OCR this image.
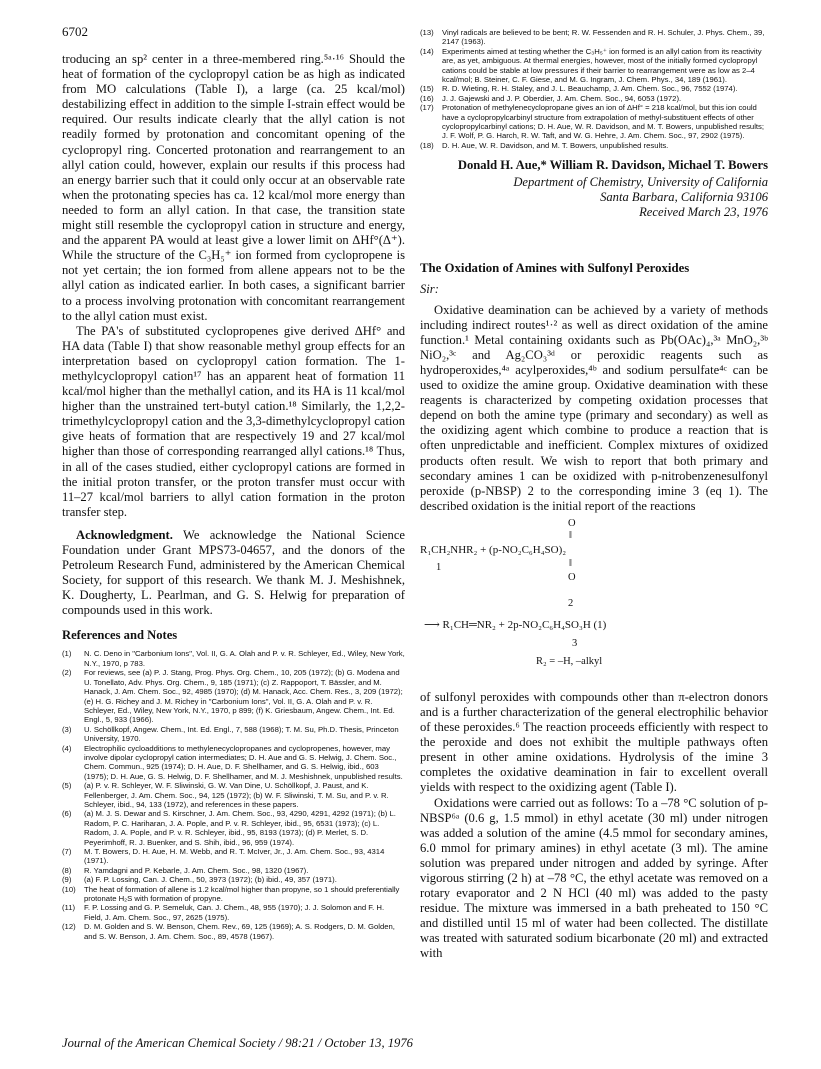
6702

troducing an sp² center in a three-membered ring.⁵ᵃ·¹⁶ Should the heat of formation of the cyclopropyl cation be as high as indicated from MO calculations (Table I), a large (ca. 25 kcal/mol) destabilizing effect in addition to the simple I-strain effect would be required. Our results indicate clearly that the allyl cation is not readily formed by protonation and concomitant opening of the cyclopropyl ring. Concerted protonation and rearrangement to an allyl cation could, however, explain our results if this process had an energy barrier such that it could only occur at an observable rate when the protonating species has ca. 12 kcal/mol more energy than needed to form an allyl cation. In that case, the transition state might still resemble the cyclopropyl cation in structure and energy, and the apparent PA would at least give a lower limit on ΔHf°(Δ⁺). While the structure of the C₃H₅⁺ ion formed from cyclopropene is not yet certain; the ion formed from allene appears not to be the allyl cation as indicated earlier. In both cases, a significant barrier to a process involving protonation with concomitant rearrangement to the allyl cation must exist.

The PA's of substituted cyclopropenes give derived ΔHf° and HA data (Table I) that show reasonable methyl group effects for an interpretation based on cyclopropyl cation formation. The 1-methylcyclopropyl cation¹⁷ has an apparent heat of formation 11 kcal/mol higher than the methallyl cation, and its HA is 11 kcal/mol higher than the unstrained tert-butyl cation.¹⁸ Similarly, the 1,2,2-trimethylcyclopropyl cation and the 3,3-dimethylcyclopropyl cation give heats of formation that are respectively 19 and 27 kcal/mol higher than those of corresponding rearranged allyl cations.¹⁸ Thus, in all of the cases studied, either cyclopropyl cations are formed in the initial proton transfer, or the proton transfer must occur with 11–27 kcal/mol barriers to allyl cation formation in the proton transfer step.

Acknowledgment. We acknowledge the National Science Foundation under Grant MPS73-04657, and the donors of the Petroleum Research Fund, administered by the American Chemical Society, for support of this research. We thank M. J. Meshishnek, K. Dougherty, L. Pearlman, and G. S. Helwig for preparation of compounds used in this work.

References and Notes
(1)	N. C. Deno in "Carbonium Ions", Vol. II, G. A. Olah and P. v. R. Schleyer, Ed., Wiley, New York, N.Y., 1970, p 783.
(2)	For reviews, see (a) P. J. Stang, Prog. Phys. Org. Chem., 10, 205 (1972); (b) G. Modena and U. Tonellato, Adv. Phys. Org. Chem., 9, 185 (1971); (c) Z. Rappoport, T. Bässler, and M. Hanack, J. Am. Chem. Soc., 92, 4985 (1970); (d) M. Hanack, Acc. Chem. Res., 3, 209 (1972); (e) H. G. Richey and J. M. Richey in "Carbonium Ions", Vol. II, G. A. Olah and P. v. R. Schleyer, Ed., Wiley, New York, N.Y., 1970, p 899; (f) K. Griesbaum, Angew. Chem., Int. Ed. Engl., 5, 933 (1966).
(3)	U. Schöllkopf, Angew. Chem., Int. Ed. Engl., 7, 588 (1968); T. M. Su, Ph.D. Thesis, Princeton University, 1970.
(4)	Electrophilic cycloadditions to methylenecyclopropanes and cyclopropenes, however, may involve dipolar cyclopropyl cation intermediates; D. H. Aue and G. S. Helwig, J. Chem. Soc., Chem. Commun., 925 (1974); D. H. Aue, D. F. Shellhamer, and G. S. Helwig, ibid., 603 (1975); D. H. Aue, G. S. Helwig, D. F. Shellhamer, and M. J. Meshishnek, unpublished results.
(5)	(a) P. v. R. Schleyer, W. F. Sliwinski, G. W. Van Dine, U. Schöllkopf, J. Paust, and K. Fellenberger, J. Am. Chem. Soc., 94, 125 (1972); (b) W. F. Sliwinski, T. M. Su, and P. v. R. Schleyer, ibid., 94, 133 (1972), and references in these papers.
(6)	(a) M. J. S. Dewar and S. Kirschner, J. Am. Chem. Soc., 93, 4290, 4291, 4292 (1971); (b) L. Radom, P. C. Hariharan, J. A. Pople, and P. v. R. Schleyer, ibid., 95, 6531 (1973); (c) L. Radom, J. A. Pople, and P. v. R. Schleyer, ibid., 95, 8193 (1973); (d) P. Merlet, S. D. Peyerimhoff, R. J. Buenker, and S. Shih, ibid., 96, 959 (1974).
(7)	M. T. Bowers, D. H. Aue, H. M. Webb, and R. T. McIver, Jr., J. Am. Chem. Soc., 93, 4314 (1971).
(8)	R. Yamdagni and P. Kebarle, J. Am. Chem. Soc., 98, 1320 (1967).
(9)	(a) F. P. Lossing, Can. J. Chem., 50, 3973 (1972); (b) ibid., 49, 357 (1971).
(10)	The heat of formation of allene is 1.2 kcal/mol higher than propyne, so 1 should preferentially protonate H₂S with formation of propyne.
(11)	F. P. Lossing and G. P. Semeluk, Can. J. Chem., 48, 955 (1970); J. J. Solomon and F. H. Field, J. Am. Chem. Soc., 97, 2625 (1975).
(12)	D. M. Golden and S. W. Benson, Chem. Rev., 69, 125 (1969); A. S. Rodgers, D. M. Golden, and S. W. Benson, J. Am. Chem. Soc., 89, 4578 (1967).
(13)	Vinyl radicals are believed to be bent; R. W. Fessenden and R. H. Schuler, J. Phys. Chem., 39, 2147 (1963).
(14)	Experiments aimed at testing whether the C₃H₅⁺ ion formed is an allyl cation from its reactivity are, as yet, ambiguous. At thermal energies, however, most of the initially formed cyclopropyl cations could be stable at low pressures if their barrier to rearrangement were as low as 2–4 kcal/mol; B. Steiner, C. F. Giese, and M. G. Ingram, J. Chem. Phys., 34, 189 (1961).
(15)	R. D. Wieting, R. H. Staley, and J. L. Beauchamp, J. Am. Chem. Soc., 96, 7552 (1974).
(16)	J. J. Gajewski and J. P. Oberdier, J. Am. Chem. Soc., 94, 6053 (1972).
(17)	Protonation of methylenecyclopropane gives an ion of ΔHf° = 218 kcal/mol, but this ion could have a cyclopropylcarbinyl structure from extrapolation of methyl-substituent effects of other cyclopropylcarbinyl cations; D. H. Aue, W. R. Davidson, and M. T. Bowers, unpublished results; J. F. Wolf, P. G. Harch, R. W. Taft, and W. G. Hehre, J. Am. Chem. Soc., 97, 2902 (1975).
(18)	D. H. Aue, W. R. Davidson, and M. T. Bowers, unpublished results.
Donald H. Aue,* William R. Davidson, Michael T. Bowers

Department of Chemistry, University of California

Santa Barbara, California 93106

Received March 23, 1976

The Oxidation of Amines with Sulfonyl Peroxides

Sir:

Oxidative deamination can be achieved by a variety of methods including indirect routes¹·² as well as direct oxidation of the amine function.¹ Metal containing oxidants such as Pb(OAc)₄,³ᵃ MnO₂,³ᵇ NiO₂,³ᶜ and Ag₂CO₃³ᵈ or peroxidic reagents such as hydroperoxides,⁴ᵃ acylperoxides,⁴ᵇ and sodium persulfate⁴ᶜ can be used to oxidize the amine group. Oxidative deamination with these reagents is characterized by competing oxidation processes that depend on both the amine type (primary and secondary) as well as the oxidizing agent which combine to produce a reaction that is often unpredictable and inefficient. Complex mixtures of oxidized products often result. We wish to report that both primary and secondary amines 1 can be oxidized with p-nitrobenzenesulfonyl peroxide (p-NBSP) 2 to the corresponding imine 3 (eq 1). The described oxidation is the initial report of the reactions

O
‖
R₁CH₂NHR₂ + (p-NO₂C₆H₄SO)₂
1	‖
O
2
⟶ R₁CH═NR₂ + 2p-NO₂C₆H₄SO₃H (1)
3
R₂ = –H, –alkyl

of sulfonyl peroxides with compounds other than π-electron donors and is a further characterization of the general electrophilic behavior of these peroxides.⁶ The reaction proceeds efficiently with respect to the peroxide and does not exhibit the multiple pathways often present in other amine oxidations. Hydrolysis of the imine 3 completes the oxidative deamination in fair to excellent overall yields with respect to the oxidizing agent (Table I).

Oxidations were carried out as follows: To a –78 °C solution of p-NBSP⁶ᵃ (0.6 g, 1.5 mmol) in ethyl acetate (30 ml) under nitrogen was added a solution of the amine (4.5 mmol for secondary amines, 6.0 mmol for primary amines) in ethyl acetate (3 ml). The amine solution was prepared under nitrogen and added by syringe. After vigorous stirring (2 h) at –78 °C, the ethyl acetate was removed on a rotary evaporator and 2 N HCl (40 ml) was added to the pasty residue. The mixture was immersed in a bath preheated to 150 °C and distilled until 15 ml of water had been collected. The distillate was treated with saturated sodium bicarbonate (20 ml) and extracted with

Journal of the American Chemical Society / 98:21 / October 13, 1976
